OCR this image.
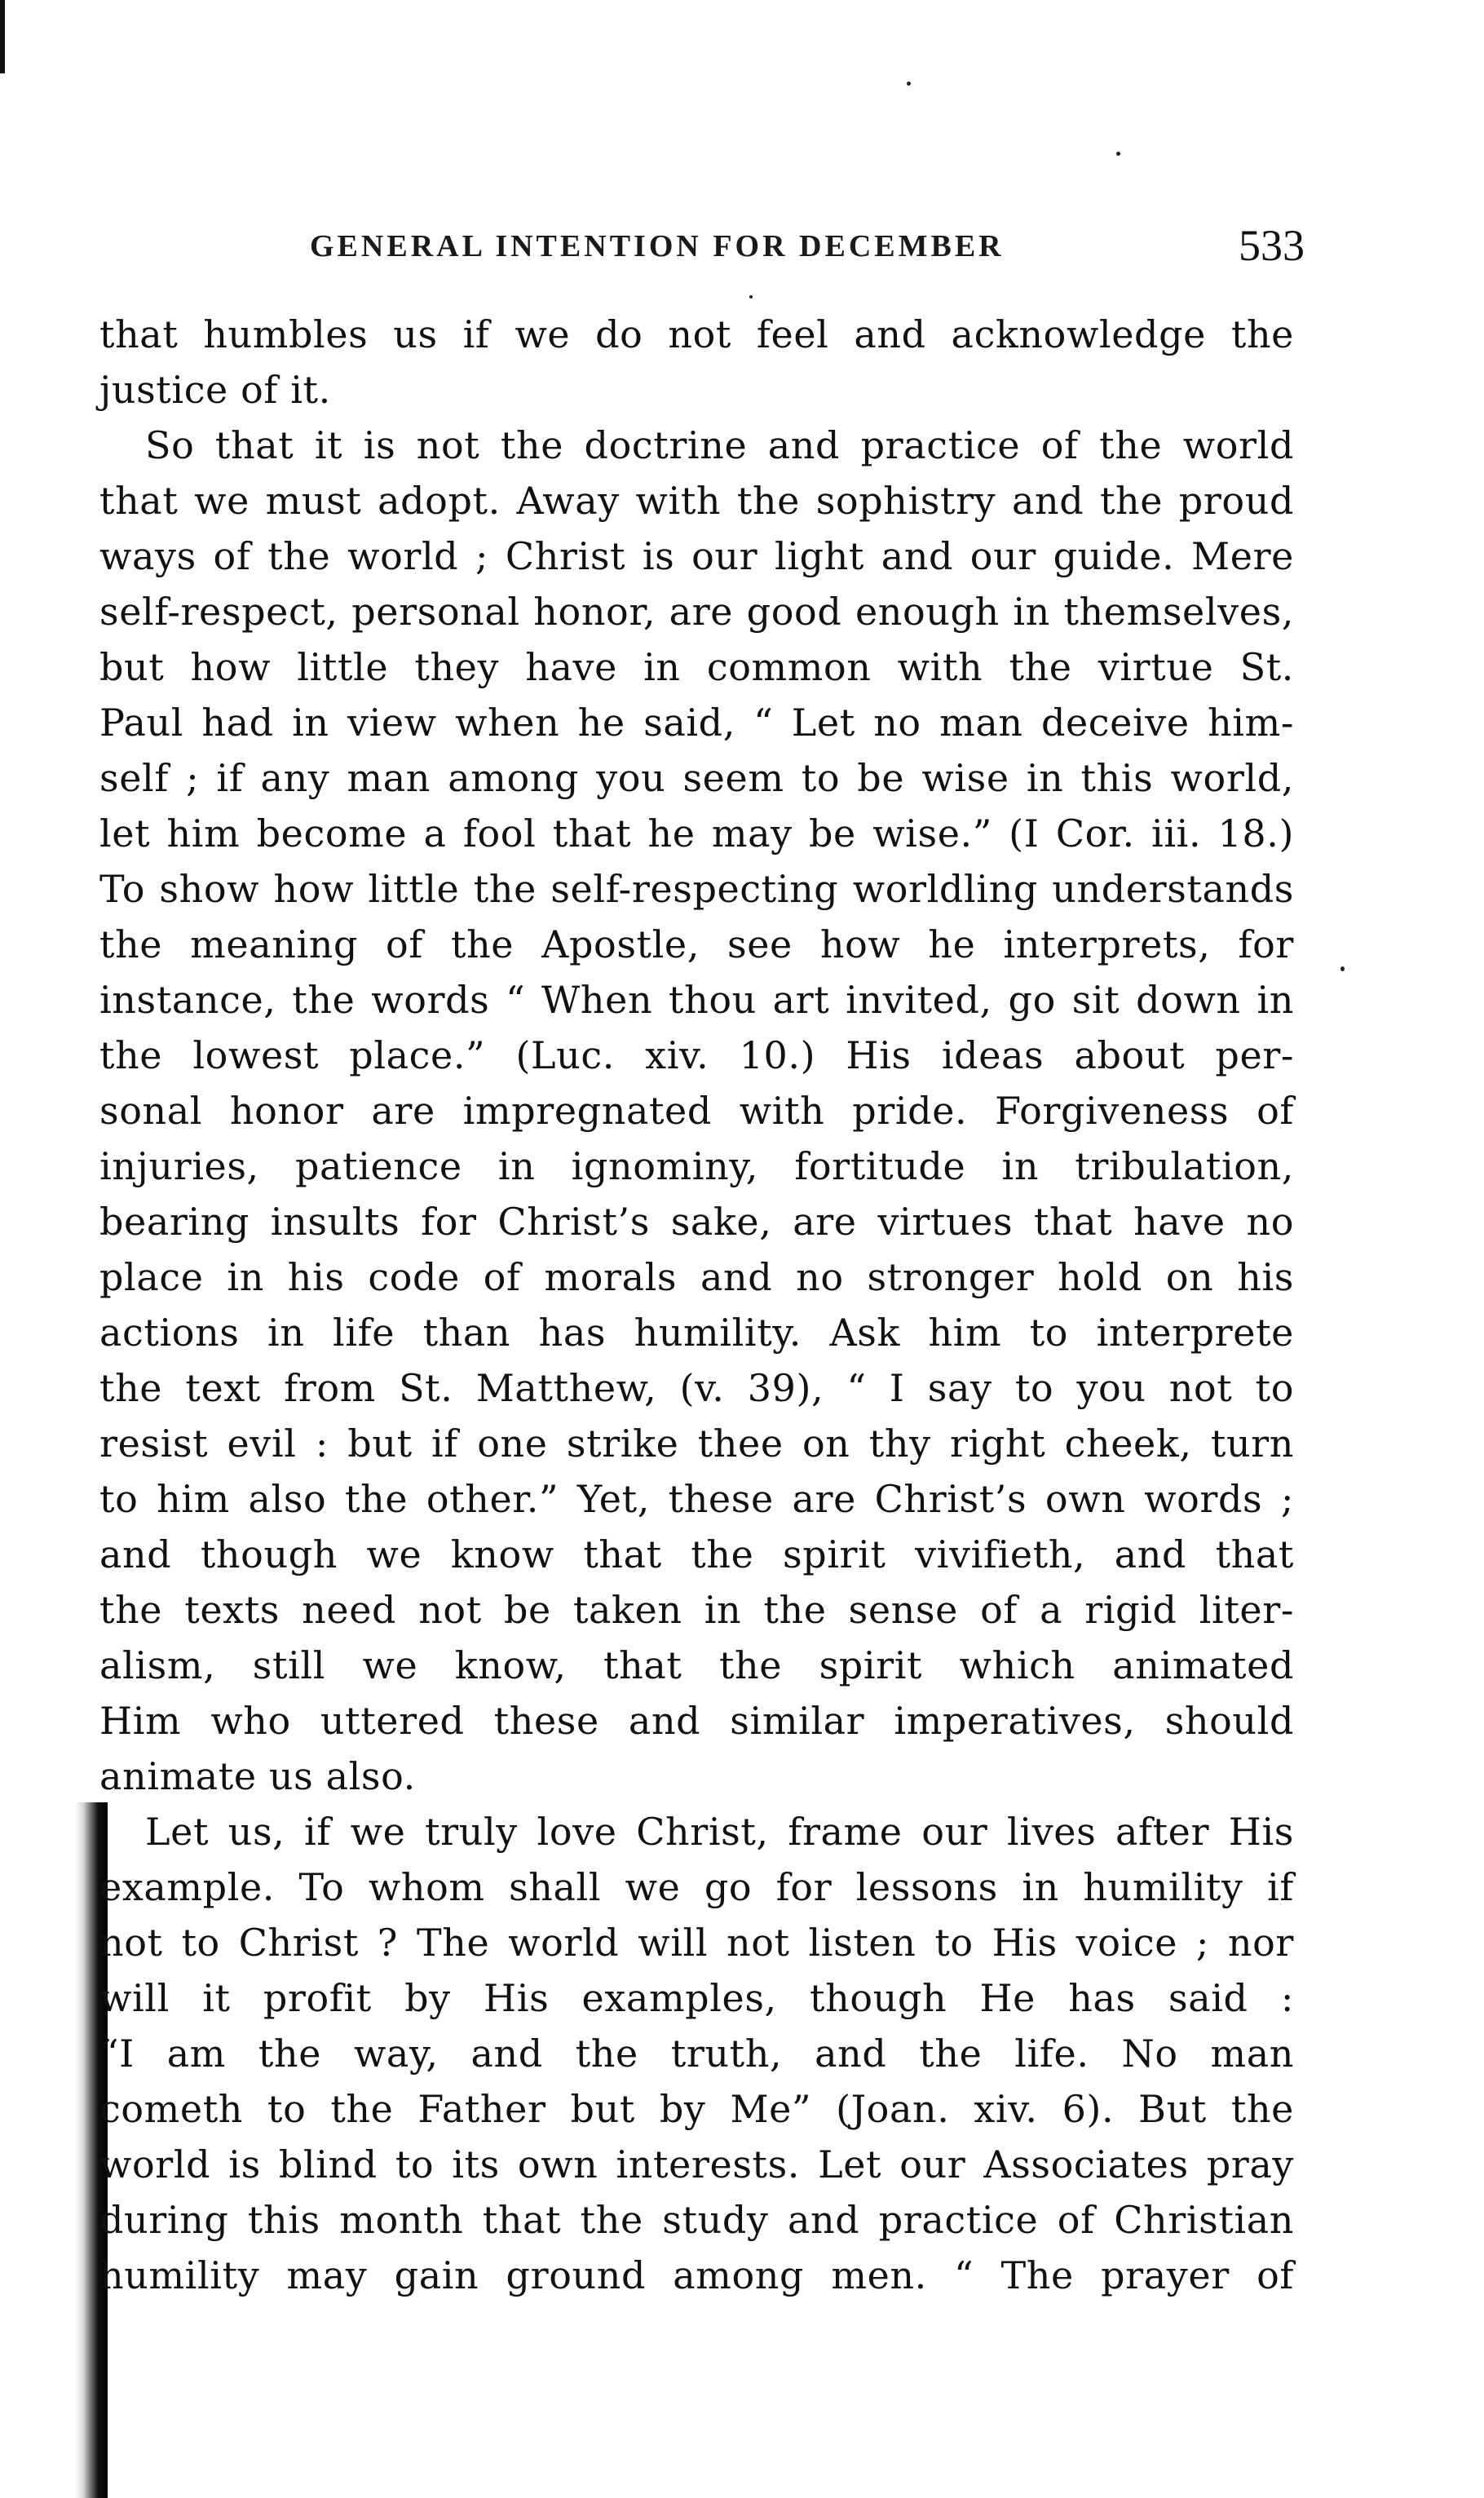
GENERAL INTENTION FOR DECEMBER	533
that humbles us if we do not feel and acknowledge the
justice of it.
So that it is not the doctrine and practice of the world
that we must adopt. Away with the sophistry and the proud
ways of the world ; Christ is our light and our guide. Mere
self-respect, personal honor, are good enough in themselves,
but how little they have in common with the virtue St.
Paul had in view when he said, “ Let no man deceive him-
self ; if any man among you seem to be wise in this world,
let him become a fool that he may be wise.” (I Cor. iii. 18.)
To show how little the self-respecting worldling understands
the meaning of the Apostle, see how he interprets, for
instance, the words “ When thou art invited, go sit down in
the lowest place.” (Luc. xiv. 10.) His ideas about per-
sonal honor are impregnated with pride. Forgiveness of
injuries, patience in ignominy, fortitude in tribulation,
bearing insults for Christ’s sake, are virtues that have no
place in his code of morals and no stronger hold on his
actions in life than has humility. Ask him to interprete
the text from St. Matthew, (v. 39), “ I say to you not to
resist evil : but if one strike thee on thy right cheek, turn
to him also the other.” Yet, these are Christ’s own words ;
and though we know that the spirit vivifieth, and that
the texts need not be taken in the sense of a rigid liter-
alism, still we know, that the spirit which animated
Him who uttered these and similar imperatives, should
animate us also.
Let us, if we truly love Christ, frame our lives after His
example. To whom shall we go for lessons in humility if
not to Christ ? The world will not listen to His voice ; nor
will it profit by His examples, though He has said :
“I am the way, and the truth, and the life. No man
cometh to the Father but by Me” (Joan. xiv. 6). But the
world is blind to its own interests. Let our Associates pray
during this month that the study and practice of Christian
humility may gain ground among men. “ The prayer of
